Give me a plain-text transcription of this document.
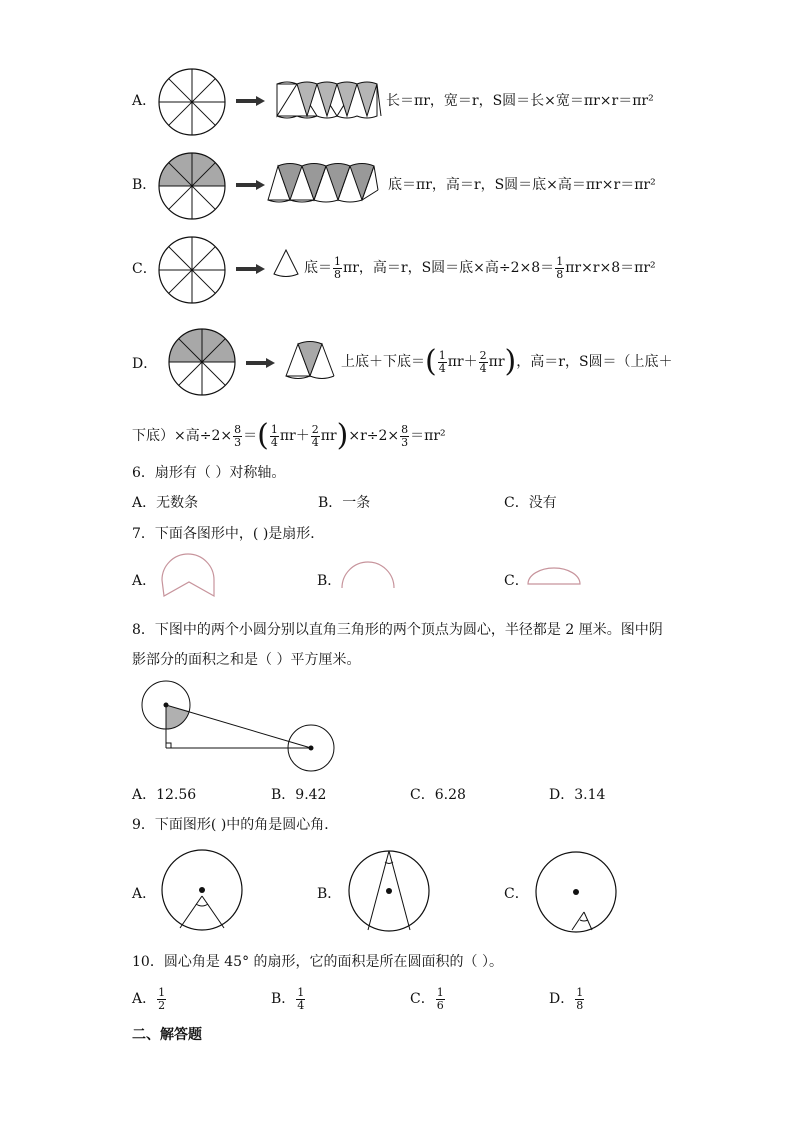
A．	长＝πr，宽＝r，S圆＝长×宽＝πr×r＝πr²
B．	底＝πr，高＝r，S圆＝底×高＝πr×r＝πr²
C．	底＝ $\frac{1}{8}$ πr，高＝r，S圆＝底×高$\div 2\times 8= \frac{1}{8} \pi r\times r\times 8=\pi r^2$
D．	上底＋下底＝( $\frac{1}{4} \pi r+ \frac{2}{4} \pi r$)，高＝r，S圆＝（上底＋
下底）×高$\div 2\times \frac{8}{3}$ ＝( $\frac{1}{4} \pi r+ \frac{2}{4} \pi r)\times r\div 2\times \frac{8}{3} =\pi r^2$
6．扇形有（ ）对称轴。
A．无数条	B．一条	C．没有
7．下面各图形中，( )是扇形．
A．	B．	C．
8．下图中的两个小圆分别以直角三角形的两个顶点为圆心，半径都是 2 厘米。图中阴
影部分的面积之和是（ ）平方厘米。
A．12.56	B．9.42	C．6.28	D．3.14
9．下面图形( )中的角是圆心角．
A．	B．	C．
10．圆心角是 45° 的扇形，它的面积是所在圆面积的（ ）。
A． $\frac{1}{2}$	B． $\frac{1}{4}$	C． $\frac{1}{6}$	D． $\frac{1}{8}$
二、解答题
